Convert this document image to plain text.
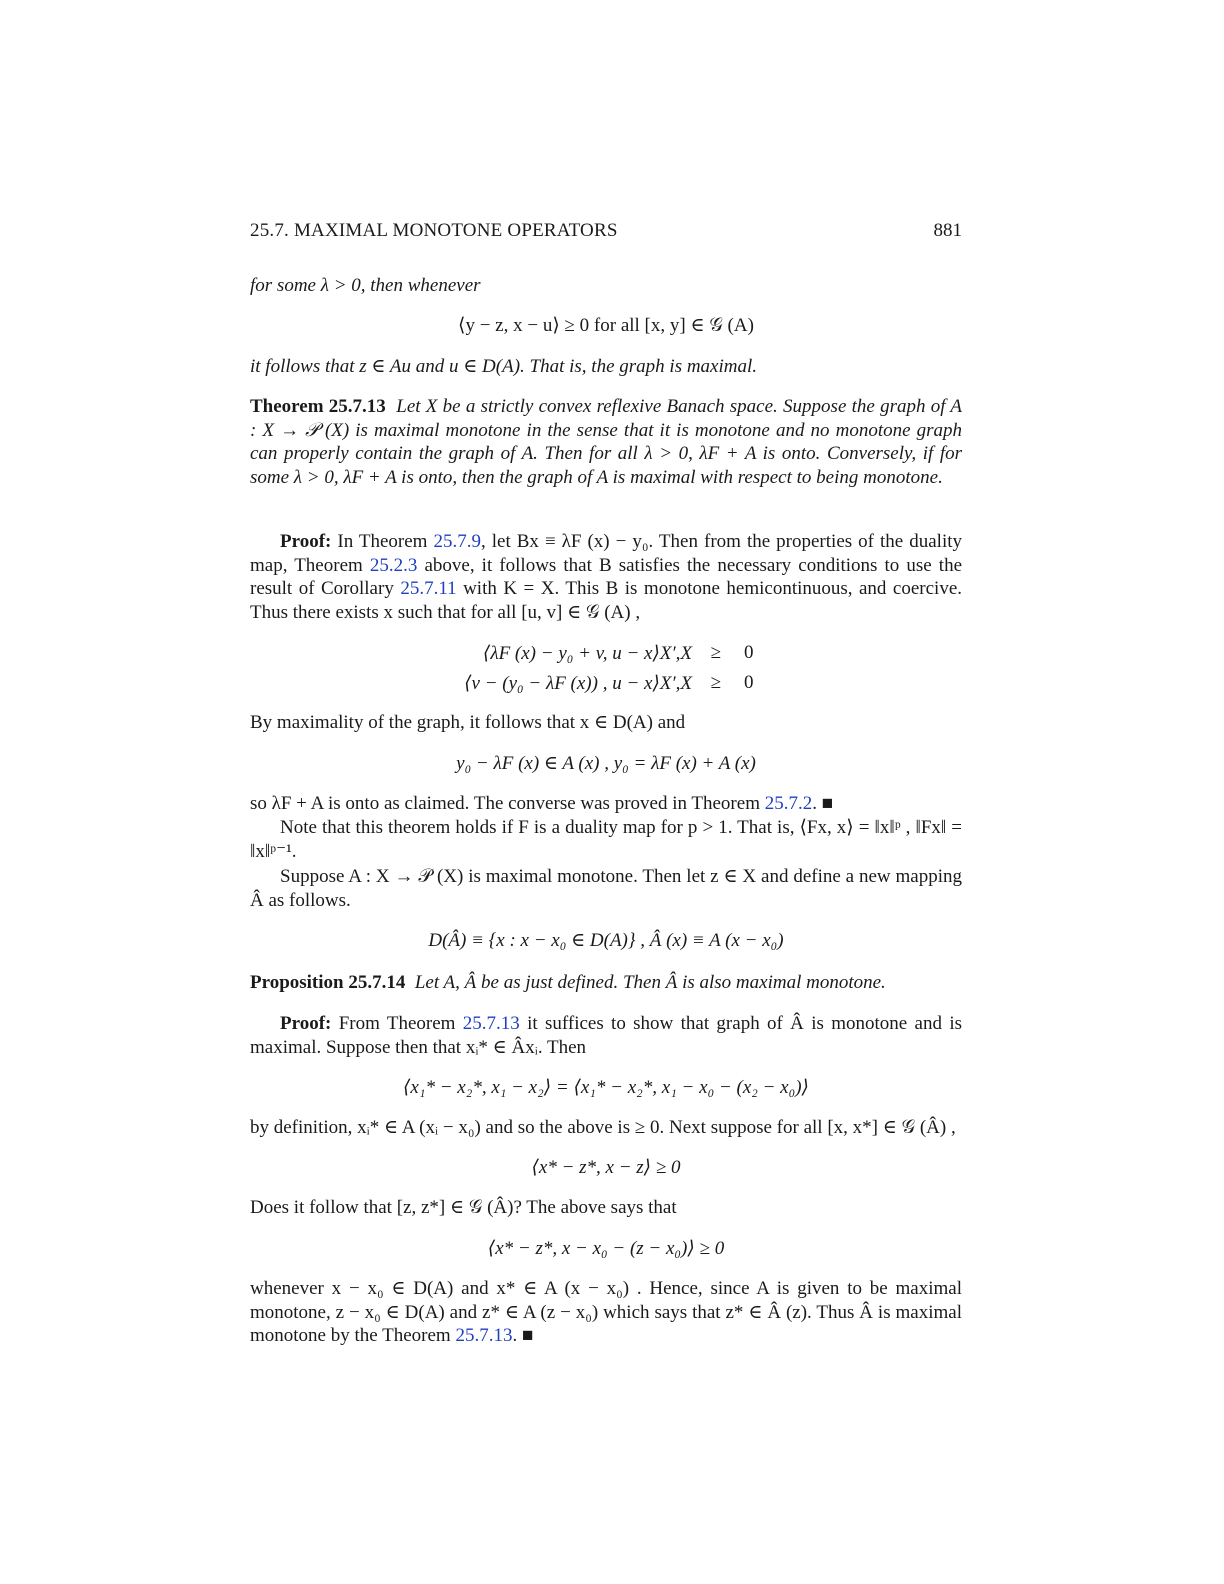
25.7. MAXIMAL MONOTONE OPERATORS	881
for some λ > 0, then whenever
⟨y − z, x − u⟩ ≥ 0 for all [x, y] ∈ 𝒢 (A)
it follows that z ∈ Au and u ∈ D(A). That is, the graph is maximal.
Theorem 25.7.13 Let X be a strictly convex reflexive Banach space. Suppose the graph of A : X → 𝒫 (X) is maximal monotone in the sense that it is monotone and no monotone graph can properly contain the graph of A. Then for all λ > 0, λF + A is onto. Conversely, if for some λ > 0, λF + A is onto, then the graph of A is maximal with respect to being monotone.
Proof: In Theorem 25.7.9, let Bx ≡ λF (x) − y₀. Then from the properties of the duality map, Theorem 25.2.3 above, it follows that B satisfies the necessary conditions to use the result of Corollary 25.7.11 with K = X. This B is monotone hemicontinuous, and coercive. Thus there exists x such that for all [u, v] ∈ 𝒢 (A) ,
⟨λF (x) − y₀ + v, u − x⟩X′,X ≥ 0
⟨v − (y₀ − λF (x)) , u − x⟩X′,X ≥ 0
By maximality of the graph, it follows that x ∈ D(A) and
y₀ − λF (x) ∈ A (x) , y₀ = λF (x) + A (x)
so λF + A is onto as claimed. The converse was proved in Theorem 25.7.2. ■
Note that this theorem holds if F is a duality map for p > 1. That is, ⟨Fx, x⟩ = ‖x‖ᵖ , ‖Fx‖ = ‖x‖ᵖ⁻¹.
Suppose A : X → 𝒫 (X) is maximal monotone. Then let z ∈ X and define a new mapping Â as follows.
D(Â) ≡ {x : x − x₀ ∈ D(A)} , Â (x) ≡ A (x − x₀)
Proposition 25.7.14 Let A, Â be as just defined. Then Â is also maximal monotone.
Proof: From Theorem 25.7.13 it suffices to show that graph of Â is monotone and is maximal. Suppose then that xᵢ* ∈ Âxᵢ. Then
⟨x₁* − x₂*, x₁ − x₂⟩ = ⟨x₁* − x₂*, x₁ − x₀ − (x₂ − x₀)⟩
by definition, xᵢ* ∈ A (xᵢ − x₀) and so the above is ≥ 0. Next suppose for all [x, x*] ∈ 𝒢 (Â) ,
⟨x* − z*, x − z⟩ ≥ 0
Does it follow that [z, z*] ∈ 𝒢 (Â)? The above says that
⟨x* − z*, x − x₀ − (z − x₀)⟩ ≥ 0
whenever x − x₀ ∈ D(A) and x* ∈ A (x − x₀) . Hence, since A is given to be maximal monotone, z − x₀ ∈ D(A) and z* ∈ A (z − x₀) which says that z* ∈ Â (z). Thus Â is maximal monotone by the Theorem 25.7.13. ■
